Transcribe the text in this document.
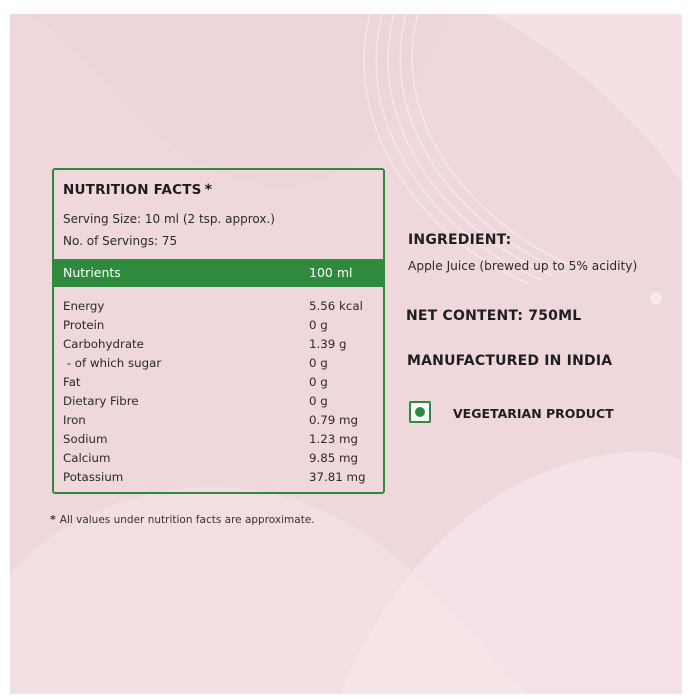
NUTRITION FACTS *
Serving Size: 10 ml (2 tsp. approx.)
No. of Servings: 75
Nutrients	100 ml
Energy	5.56 kcal
Protein	0 g
Carbohydrate	1.39 g
- of which sugar	0 g
Fat	0 g
Dietary Fibre	0 g
Iron	0.79 mg
Sodium	1.23 mg
Calcium	9.85 mg
Potassium	37.81 mg
* All values under nutrition facts are approximate.
INGREDIENT:
Apple Juice (brewed up to 5% acidity)
NET CONTENT: 750ML
MANUFACTURED IN INDIA
VEGETARIAN PRODUCT
